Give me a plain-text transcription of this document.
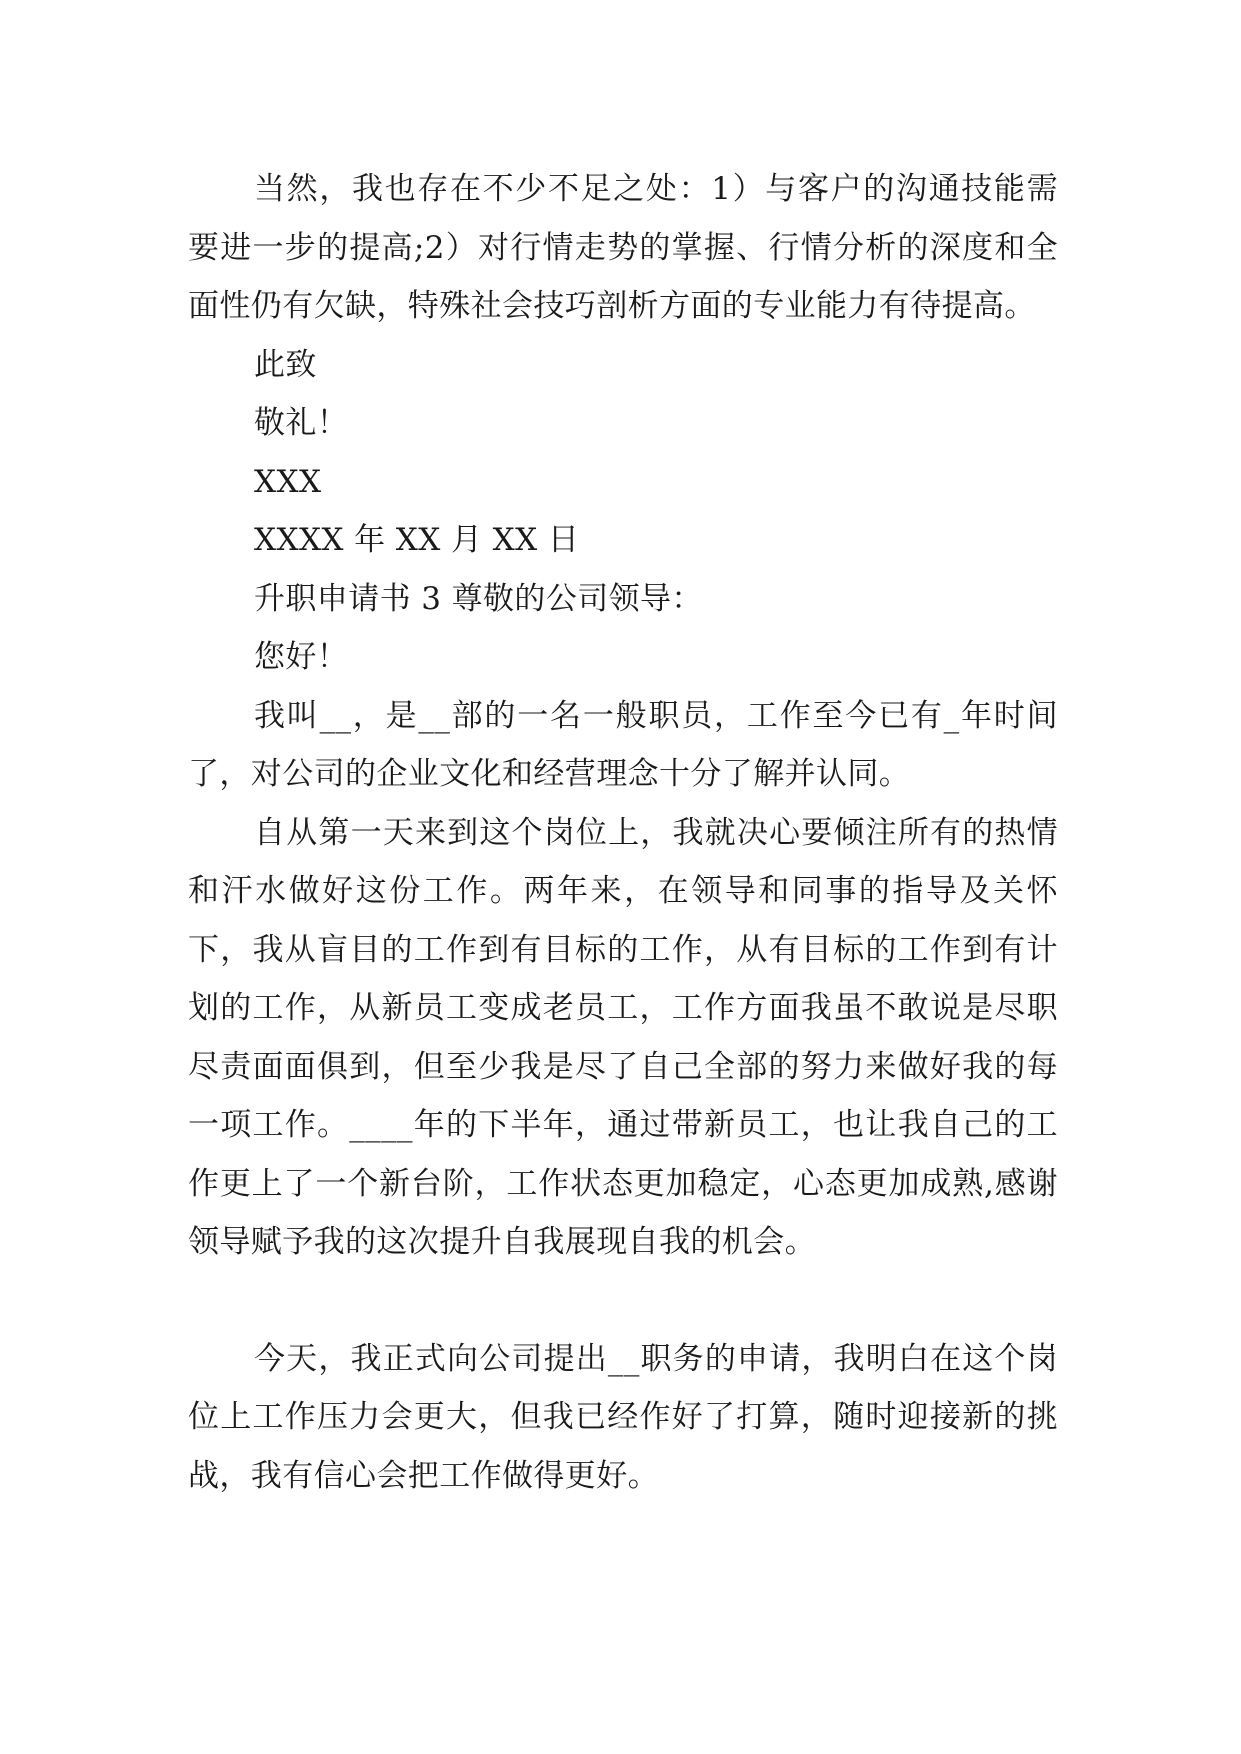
当然，我也存在不少不足之处：1）与客户的沟通技能需要进一步的提高;2）对行情走势的掌握、行情分析的深度和全面性仍有欠缺，特殊社会技巧剖析方面的专业能力有待提高。

此致

敬礼！

XXX

XXXX 年 XX 月 XX 日

升职申请书 3 尊敬的公司领导：

您好！

我叫__，是__部的一名一般职员，工作至今已有_年时间了，对公司的企业文化和经营理念十分了解并认同。

自从第一天来到这个岗位上，我就决心要倾注所有的热情和汗水做好这份工作。两年来，在领导和同事的指导及关怀下，我从盲目的工作到有目标的工作，从有目标的工作到有计划的工作，从新员工变成老员工，工作方面我虽不敢说是尽职尽责面面俱到，但至少我是尽了自己全部的努力来做好我的每一项工作。____年的下半年，通过带新员工，也让我自己的工作更上了一个新台阶，工作状态更加稳定，心态更加成熟,感谢领导赋予我的这次提升自我展现自我的机会。

今天，我正式向公司提出__职务的申请，我明白在这个岗位上工作压力会更大，但我已经作好了打算，随时迎接新的挑战，我有信心会把工作做得更好。
